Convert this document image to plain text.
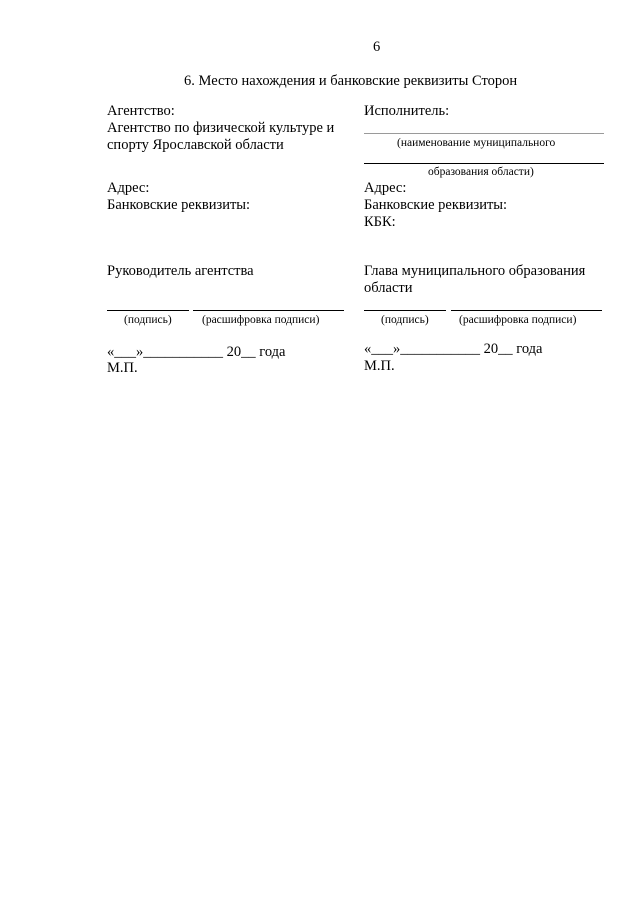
6
6. Место нахождения и банковские реквизиты Сторон
Агентство:
Агентство по физической культуре и
спорту Ярославской области
Адрес:
Банковские реквизиты:
Руководитель агентства
(подпись)	(расшифровка подписи)
«___»___________ 20__ года
М.П.
Исполнитель:
(наименование муниципального
образования области)
Адрес:
Банковские реквизиты:
КБК:
Глава муниципального образования
области
(подпись)	(расшифровка подписи)
«___»___________ 20__ года
М.П.
